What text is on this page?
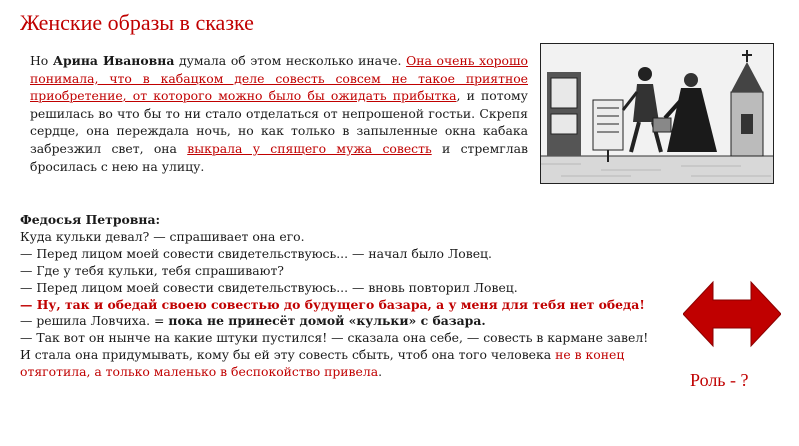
Женские образы в сказке
Но Арина Ивановна думала об этом несколько иначе. Она очень хорошо понимала, что в кабацком деле совесть совсем не такое приятное приобретение, от которого можно было бы ожидать прибытка, и потому решилась во что бы то ни стало отделаться от непрошеной гостьи. Скрепя сердце, она переждала ночь, но как только в запыленные окна кабака забрезжил свет, она выкрала у спящего мужа совесть и стремглав бросилась с нею на улицу.
Федосья Петровна:
Куда кульки девал? — спрашивает она его.
— Перед лицом моей совести свидетельствуюсь... — начал было Ловец.
— Где у тебя кульки, тебя спрашивают?
— Перед лицом моей совести свидетельствуюсь... — вновь повторил Ловец.
— Ну, так и обедай своею совестью до будущего базара, а у меня для тебя нет обеда! — решила Ловчиха. = пока не принесёт домой «кульки» с базара.
— Так вот он нынче на какие штуки пустился! — сказала она себе, — совесть в кармане завел!
И стала она придумывать, кому бы ей эту совесть сбыть, чтоб она того человека не в конец отяготила, а только маленько в беспокойство привела.	Роль - ?
